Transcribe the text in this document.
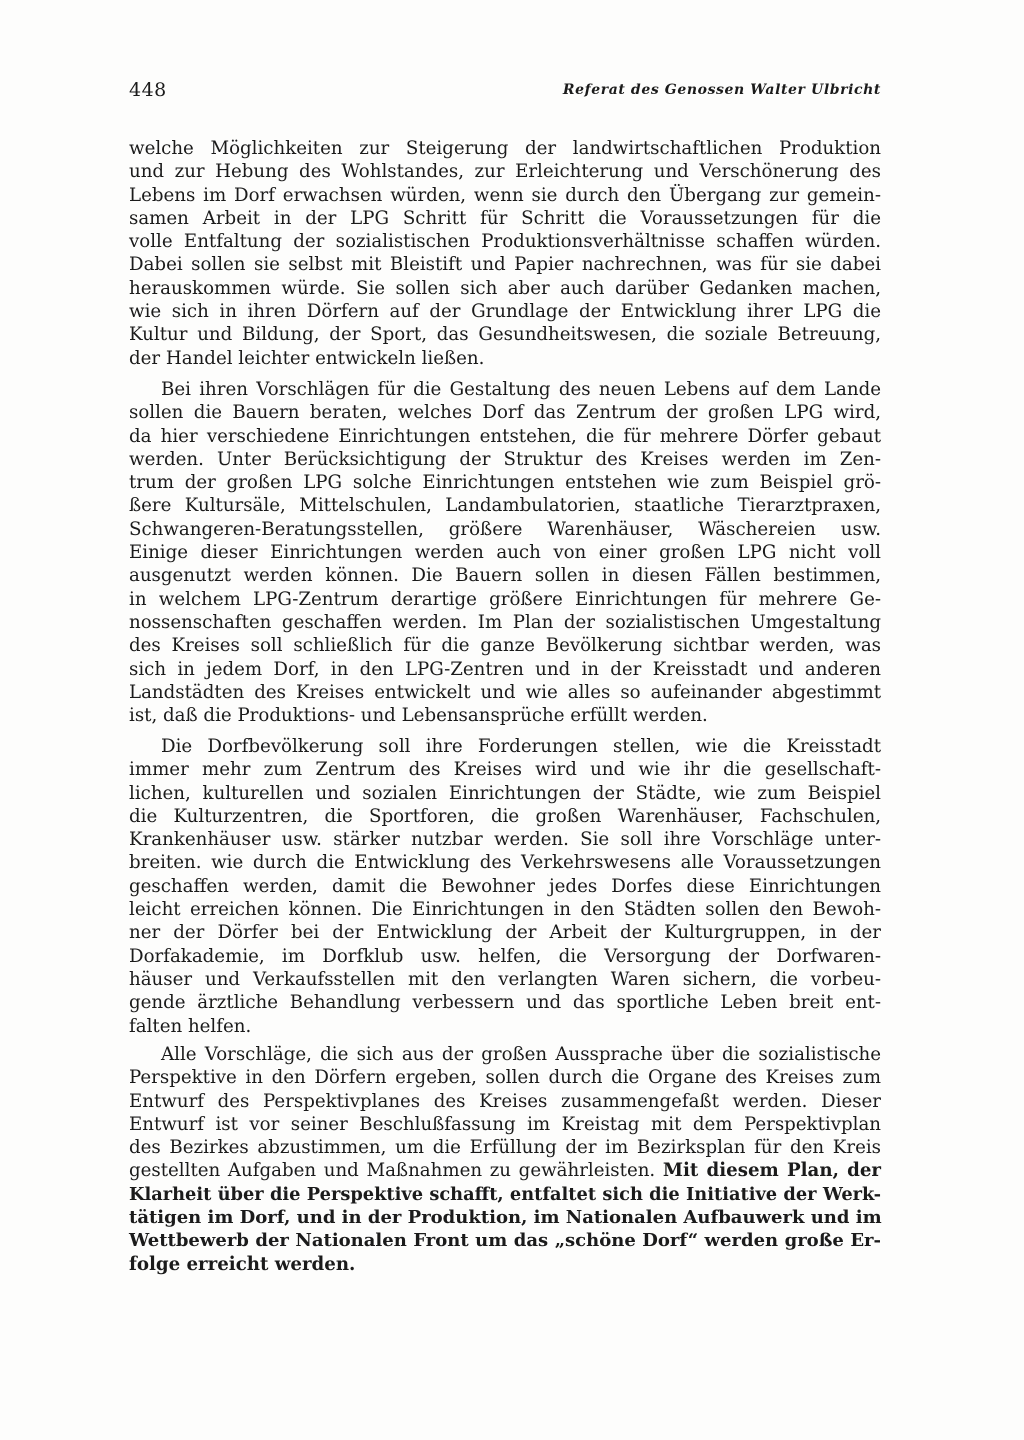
448	Referat des Genossen Walter Ulbricht
welche Möglichkeiten zur Steigerung der landwirtschaftlichen Produktion
und zur Hebung des Wohlstandes, zur Erleichterung und Verschönerung des
Lebens im Dorf erwachsen würden, wenn sie durch den Übergang zur gemein-
samen Arbeit in der LPG Schritt für Schritt die Voraussetzungen für die
volle Entfaltung der sozialistischen Produktionsverhältnisse schaffen würden.
Dabei sollen sie selbst mit Bleistift und Papier nachrechnen, was für sie dabei
herauskommen würde. Sie sollen sich aber auch darüber Gedanken machen,
wie sich in ihren Dörfern auf der Grundlage der Entwicklung ihrer LPG die
Kultur und Bildung, der Sport, das Gesundheitswesen, die soziale Betreuung,
der Handel leichter entwickeln ließen.
Bei ihren Vorschlägen für die Gestaltung des neuen Lebens auf dem Lande
sollen die Bauern beraten, welches Dorf das Zentrum der großen LPG wird,
da hier verschiedene Einrichtungen entstehen, die für mehrere Dörfer gebaut
werden. Unter Berücksichtigung der Struktur des Kreises werden im Zen-
trum der großen LPG solche Einrichtungen entstehen wie zum Beispiel grö-
ßere Kultursäle, Mittelschulen, Landambulatorien, staatliche Tierarztpraxen,
Schwangeren-Beratungsstellen, größere Warenhäuser, Wäschereien usw.
Einige dieser Einrichtungen werden auch von einer großen LPG nicht voll
ausgenutzt werden können. Die Bauern sollen in diesen Fällen bestimmen,
in welchem LPG-Zentrum derartige größere Einrichtungen für mehrere Ge-
nossenschaften geschaffen werden. Im Plan der sozialistischen Umgestaltung
des Kreises soll schließlich für die ganze Bevölkerung sichtbar werden, was
sich in jedem Dorf, in den LPG-Zentren und in der Kreisstadt und anderen
Landstädten des Kreises entwickelt und wie alles so aufeinander abgestimmt
ist, daß die Produktions- und Lebensansprüche erfüllt werden.
Die Dorfbevölkerung soll ihre Forderungen stellen, wie die Kreisstadt
immer mehr zum Zentrum des Kreises wird und wie ihr die gesellschaft-
lichen, kulturellen und sozialen Einrichtungen der Städte, wie zum Beispiel
die Kulturzentren, die Sportforen, die großen Warenhäuser, Fachschulen,
Krankenhäuser usw. stärker nutzbar werden. Sie soll ihre Vorschläge unter-
breiten. wie durch die Entwicklung des Verkehrswesens alle Voraussetzungen
geschaffen werden, damit die Bewohner jedes Dorfes diese Einrichtungen
leicht erreichen können. Die Einrichtungen in den Städten sollen den Bewoh-
ner der Dörfer bei der Entwicklung der Arbeit der Kulturgruppen, in der
Dorfakademie, im Dorfklub usw. helfen, die Versorgung der Dorfwaren-
häuser und Verkaufsstellen mit den verlangten Waren sichern, die vorbeu-
gende ärztliche Behandlung verbessern und das sportliche Leben breit ent-
falten helfen.
Alle Vorschläge, die sich aus der großen Aussprache über die sozialistische
Perspektive in den Dörfern ergeben, sollen durch die Organe des Kreises zum
Entwurf des Perspektivplanes des Kreises zusammengefaßt werden. Dieser
Entwurf ist vor seiner Beschlußfassung im Kreistag mit dem Perspektivplan
des Bezirkes abzustimmen, um die Erfüllung der im Bezirksplan für den Kreis
gestellten Aufgaben und Maßnahmen zu gewährleisten. Mit diesem Plan, der
Klarheit über die Perspektive schafft, entfaltet sich die Initiative der Werk-
tätigen im Dorf, und in der Produktion, im Nationalen Aufbauwerk und im
Wettbewerb der Nationalen Front um das „schöne Dorf“ werden große Er-
folge erreicht werden.
